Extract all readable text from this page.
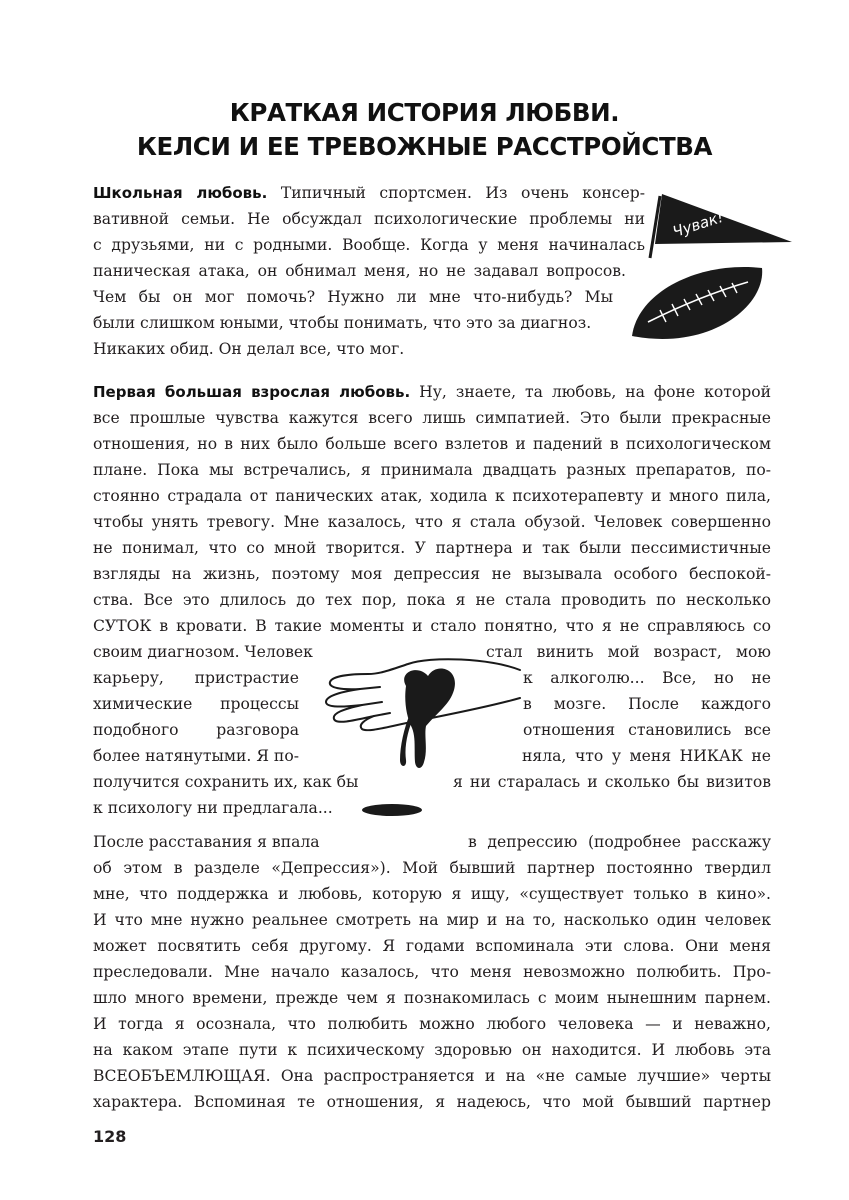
КРАТКАЯ ИСТОРИЯ ЛЮБВИ.
КЕЛСИ И ЕЕ ТРЕВОЖНЫЕ РАССТРОЙСТВА
Школьная любовь. Типичный спортсмен. Из очень консер-
вативной семьи. Не обсуждал психологические проблемы ни
с друзьями, ни с родными. Вообще. Когда у меня начиналась
паническая атака, он обнимал меня, но не задавал вопросов.
Чем бы он мог помочь? Нужно ли мне что-нибудь? Мы
были слишком юными, чтобы понимать, что это за диагноз.
Никаких обид. Он делал все, что мог.
Чувак!
Первая большая взрослая любовь. Ну, знаете, та любовь, на фоне которой
все прошлые чувства кажутся всего лишь симпатией. Это были прекрасные
отношения, но в них было больше всего взлетов и падений в психологическом
плане. Пока мы встречались, я принимала двадцать разных препаратов, по-
стоянно страдала от панических атак, ходила к психотерапевту и много пила,
чтобы унять тревогу. Мне казалось, что я стала обузой. Человек совершенно
не понимал, что со мной творится. У партнера и так были пессимистичные
взгляды на жизнь, поэтому моя депрессия не вызывала особого беспокой-
ства. Все это длилось до тех пор, пока я не стала проводить по несколько
СУТОК в кровати. В такие моменты и стало понятно, что я не справляюсь со
своим диагнозом. Человек
карьеру, пристрастие
химические процессы
подобного разговора
более натянутыми. Я по-
получится сохранить их, как бы
к психологу ни предлагала...
стал винить мой возраст, мою
к алкоголю... Все, но не
в мозге. После каждого
отношения становились все
няла, что у меня НИКАК не
я ни старалась и сколько бы визитов
После расставания я впала	в депрессию (подробнее расскажу
об этом в разделе «Депрессия»). Мой бывший партнер постоянно твердил
мне, что поддержка и любовь, которую я ищу, «существует только в кино».
И что мне нужно реальнее смотреть на мир и на то, насколько один человек
может посвятить себя другому. Я годами вспоминала эти слова. Они меня
преследовали. Мне начало казалось, что меня невозможно полюбить. Про-
шло много времени, прежде чем я познакомилась с моим нынешним парнем.
И тогда я осознала, что полюбить можно любого человека — и неважно,
на каком этапе пути к психическому здоровью он находится. И любовь эта
ВСЕОБЪЕМЛЮЩАЯ. Она распространяется и на «не самые лучшие» черты
характера. Вспоминая те отношения, я надеюсь, что мой бывший партнер
128
